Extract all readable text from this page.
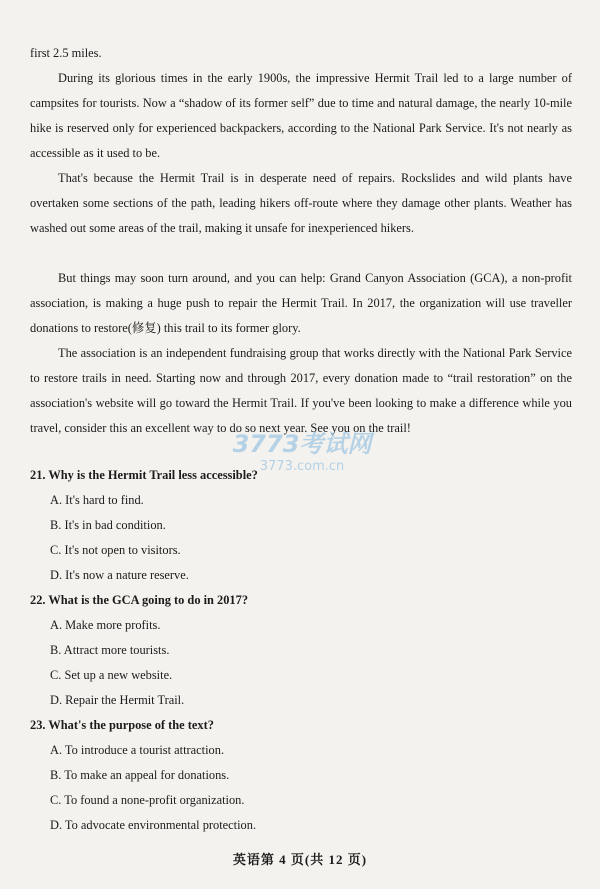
first 2.5 miles.

During its glorious times in the early 1900s, the impressive Hermit Trail led to a large number of campsites for tourists. Now a “shadow of its former self” due to time and natural damage, the nearly 10-mile hike is reserved only for experienced backpackers, according to the National Park Service. It's not nearly as accessible as it used to be.

That's because the Hermit Trail is in desperate need of repairs. Rockslides and wild plants have overtaken some sections of the path, leading hikers off-route where they damage other plants. Weather has washed out some areas of the trail, making it unsafe for inexperienced hikers.

But things may soon turn around, and you can help: Grand Canyon Association (GCA), a non-profit association, is making a huge push to repair the Hermit Trail. In 2017, the organization will use traveller donations to restore(修复) this trail to its former glory.

The association is an independent fundraising group that works directly with the National Park Service to restore trails in need. Starting now and through 2017, every donation made to “trail restoration” on the association's website will go toward the Hermit Trail. If you've been looking to make a difference while you travel, consider this an excellent way to do so next year. See you on the trail!

21. Why is the Hermit Trail less accessible?

A. It's hard to find.

B. It's in bad condition.

C. It's not open to visitors.

D. It's now a nature reserve.

22. What is the GCA going to do in 2017?

A. Make more profits.

B. Attract more tourists.

C. Set up a new website.

D. Repair the Hermit Trail.

23. What's the purpose of the text?

A. To introduce a tourist attraction.

B. To make an appeal for donations.

C. To found a none-profit organization.

D. To advocate environmental protection.

英语第 4 页(共 12 页)
3773考试网
3773.com.cn
